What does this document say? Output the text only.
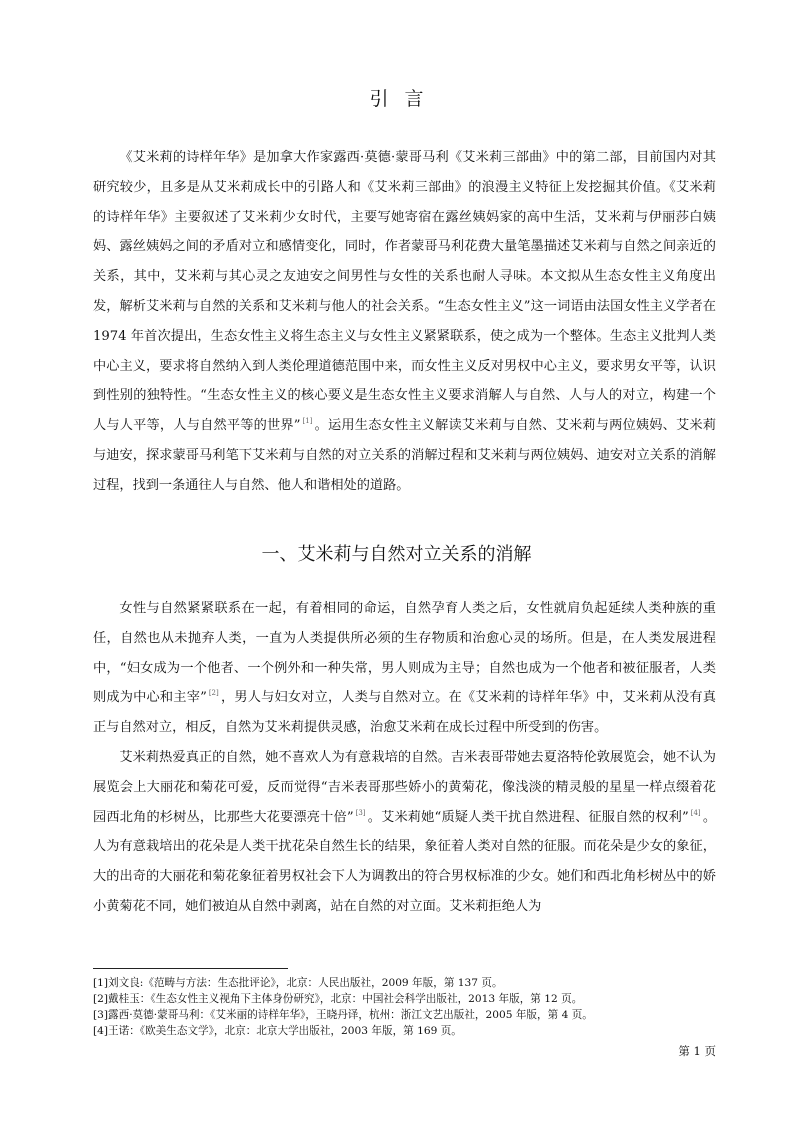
引言

《艾米莉的诗样年华》是加拿大作家露西·莫德·蒙哥马利《艾米莉三部曲》中的第二部，目前国内对其研究较少，且多是从艾米莉成长中的引路人和《艾米莉三部曲》的浪漫主义特征上发挖掘其价值。《艾米莉的诗样年华》主要叙述了艾米莉少女时代，主要写她寄宿在露丝姨妈家的高中生活，艾米莉与伊丽莎白姨妈、露丝姨妈之间的矛盾对立和感情变化，同时，作者蒙哥马利花费大量笔墨描述艾米莉与自然之间亲近的关系，其中，艾米莉与其心灵之友迪安之间男性与女性的关系也耐人寻味。本文拟从生态女性主义角度出发，解析艾米莉与自然的关系和艾米莉与他人的社会关系。“生态女性主义”这一词语由法国女性主义学者在 1974 年首次提出，生态女性主义将生态主义与女性主义紧紧联系，使之成为一个整体。生态主义批判人类中心主义，要求将自然纳入到人类伦理道德范围中来，而女性主义反对男权中心主义，要求男女平等，认识到性别的独特性。“生态女性主义的核心要义是生态女性主义要求消解人与自然、人与人的对立，构建一个人与人平等，人与自然平等的世界” [1] 。运用生态女性主义解读艾米莉与自然、艾米莉与两位姨妈、艾米莉与迪安，探求蒙哥马利笔下艾米莉与自然的对立关系的消解过程和艾米莉与两位姨妈、迪安对立关系的消解过程，找到一条通往人与自然、他人和谐相处的道路。

一、艾米莉与自然对立关系的消解

女性与自然紧紧联系在一起，有着相同的命运，自然孕育人类之后，女性就肩负起延续人类种族的重任，自然也从未抛弃人类，一直为人类提供所必须的生存物质和治愈心灵的场所。但是，在人类发展进程中，“妇女成为一个他者、一个例外和一种失常，男人则成为主导；自然也成为一个他者和被征服者，人类则成为中心和主宰” [2] ，男人与妇女对立，人类与自然对立。在《艾米莉的诗样年华》中，艾米莉从没有真正与自然对立，相反，自然为艾米莉提供灵感，治愈艾米莉在成长过程中所受到的伤害。

艾米莉热爱真正的自然，她不喜欢人为有意栽培的自然。吉米表哥带她去夏洛特伦敦展览会，她不认为展览会上大丽花和菊花可爱，反而觉得“吉米表哥那些娇小的黄菊花，像浅淡的精灵般的星星一样点缀着花园西北角的杉树丛，比那些大花要漂亮十倍” [3] 。艾米莉她“质疑人类干扰自然进程、征服自然的权利” [4] 。人为有意栽培出的花朵是人类干扰花朵自然生长的结果，象征着人类对自然的征服。而花朵是少女的象征，大的出奇的大丽花和菊花象征着男权社会下人为调教出的符合男权标准的少女。她们和西北角杉树丛中的娇小黄菊花不同，她们被迫从自然中剥离，站在自然的对立面。艾米莉拒绝人为

[1]刘文良:《范畴与方法：生态批评论》，北京：人民出版社，2009 年版，第 137 页。
[2]戴桂玉：《生态女性主义视角下主体身份研究》，北京：中国社会科学出版社，2013 年版，第 12 页。
[3]露西·莫德·蒙哥马利：《艾米丽的诗样年华》，王晓丹译，杭州：浙江文艺出版社，2005 年版，第 4 页。
[4]王诺：《欧美生态文学》，北京：北京大学出版社，2003 年版，第 169 页。
第 1 页
